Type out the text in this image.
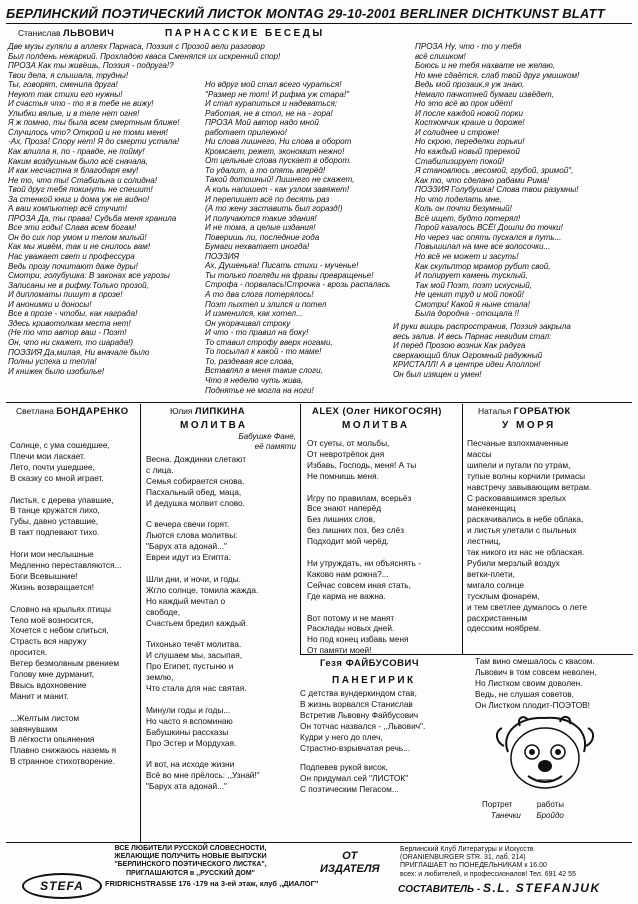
БЕРЛИНСКИЙ ПОЭТИЧЕСКИЙ ЛИСТОК MONTAG 29-10-2001 BERLINER DICHTKUNST BLATT
Станислав ЛЬВОВИЧ	ПАРНАССКИЕ БЕСЕДЫ
Две музы гуляли в аллеях Парнаса, Поэзия с Прозой вели разговор
Был полдень нежаркий. Прохладою кваса Сменялся их искренний спор!
ПРОЗА Как ты живёшь, Поэзия - подруга!?
Твои дела, я слышала, трудны!
Ты, говорят, сменила друга!
Неуют так стихи его нужны!
И счастья что - то я в тебе не вижу!
Улыбки вялые, и в теле нет огня!
Я ж помню, ты была всем смертным ближе!
Случилось что? Открой и не томи меня!
-Ах, Проза! Спору нет! Я до смерти устала!
Как влилла я, по - правде, не пойму!
Каким воздушным было всё сначала,
И как несчастна я благодаря ему!
Не то, что ты! Стабильна и солидна!
Твой друг тебя покинуть не спешит!
За стенкой книг и дома уж не видно!
А ваш компьютер всё стучит!
ПРОЗА Да, ты права! Судьба меня хранила
Все эти годы! Слава всем богам!
Он до сих пор умом и телом милый!
Как мы живём, так и не снилось вам!
Нас уважает свет и профессура
Ведь прозу почитают даже дуры!
Смотри, голубушка: В законах все угрозы
Записаны не в рифму.Только прозой,
И дипломаты пишут в прозе!
И анонимки и доносы!
Все в прозе - чтобы, как награда!
Здесь кривотолкам места нет!
(Не то что автор ваш - Поэт!
Он, что ни скажет, то шарада!)
ПОЭЗИЯ Да,милая, Ни вначале было
Полны успеха и тепла!
И книжек было изобилье!
Но вдруг мой стал всего чураться!
"Размер не тот! И рифма уж стара!"
И стал курапиться и надеваться;
Работая, не в стол, не на - гора!
ПРОЗА Мой автор надо мной
работает прилежно!
Ни слова лишнего, Ни слова в оборот
Кромсает, режет, экономит нежно!
От цельные слова пускает в оборот.
То удалит, а то опять вперёд!
Такой дотошный! Лишнего не скажет,
А коль напишет - как узлом завяжет!
И перепишет всё по десять раз
(А то жену заставить был горазд!)
И получаются такие здания!
И не тома, а целые издания!
Поверишь ли, последние года
Бумаги нехватает иногда!
ПОЭЗИЯ
Ах, Душенька! Писать стихи - мученье!
Ты только погляди на фразы превращенье!
Строфа - порвалась!Строчка - врозь распалась
А то два слога потерялось!
Поэт пыхтел и злился и потел
И изменился, как хотел...
Он укорачивал строку
И что - то правил на боку!
То ставил строфу вверх ногами,
То посылал к какой - то маме!
То, раздевая все слова,
Вставлял в меня такие слоги,
Что я неделю чуть жива,
Поднятье не могла на ноги!
ПРОЗА Ну, что - то у тебя
всё слишком!
Боюсь и не тебя нахвате не желаю,
Но мне сдаётся, слаб твой друг умишком!
Ведь мой прозаик,я уж знаю,
Немало пачкотней бумаги извёдет,
Но это всё во прок идёт!
И после каждой новой порки
Костюмчик краше и дороже!
И солиднее и строже!
Но скрою, переделки горьки!
Но каждый новый пререкой
Стабилизирует покой!
Я становлюсь ,весомой, грубой, зримой",
Как то, что сделано рабами Рима!
ПОЭЗИЯ Голубушка! Слова твои разумны!
Но что поделать мне,
Коль он почти безумный!
Всё ищет, будто потерял!
Порой казалось ВСЁ! Дошли до точки!
Но через час опять пускался в путь...
Повышилал на мне все волосочки...
Но всё не может и засуть!
Как скульптор мрамор рубит свой,
И полирует камень тусклый,
Так мой Поэт, поэт искусный,
Не ценит труд и мой покой!
Смотри! Какой я ныне стала!
Была дородна - отощала !!
И руки вширь распространив, Поэзия закрыла
весь залив. И весь Парнас невидим стал:
И перед Прозою возник Как радуга
сверкающий блик Огромный радужный
КРИСТАЛЛ! А в центре идеи Аполлон!
Он был изящен и умен!
Светлана БОНДАРЕНКО
Солнце, с ума сошедшее,
Плечи мои ласкает.
Лето, почти ушедшее,
В сказку со мной играет.

Листья, с дерева упавшие,
В танце кружатся лихо,
Губы, давно уставшие,
В такт подпевают тихо.

Ноги мои неслышные
Медленно переставляются...
Боги Всевышние!
Жизнь возвращается!

Словно на крыльях птицы
Тело моё возносится,
Хочется с небом слиться,
Страсть вся наружу
просится.
Ветер безмолвным рвением
Голову мне дурманит,
Ввысь вдохновение
Манит и манит.

...Желтым листом
завянувшим
В лёгкости опьянения
Плавно снижаюсь наземь я
В странное стихотворение.
Юлия ЛИПКИНА
МОЛИТВА
Бабушке Фане,
её памяти
Весна. Дождинки слетают
с лица.
Семья собирается снова.
Пасхальный обед, маца,
И дедушка молвит слово.

С вечера свечи горят.
Льются слова молитвы:
"Барух ата адонай..."
Евреи идут из Египта.

Шли дни, и ночи, и годы.
Жгло солнце, томила жажда.
Но каждый мечтал о
свободе,
Счастьем бредил каждый.

Тихонько течёт молитва.
И слушаем мы, засыпая,
Про Египет, пустыню и
землю,
Что стала для нас святая.

Минули годы и годы...
Но часто я вспоминаю
Бабушкины рассказы
Про Эстер и Мордухая.

И вот, на исходе жизни
Всё во мне прёлось: ,,Узнай!"
"Барух ата адонай..."
ALEX (Олег НИКОГОСЯН)
МОЛИТВА
От суеты, от мольбы,
От невротрёпок дня
Избавь, Господь, меня! А ты
Не помнишь меня.

Игру по правилам, всерьёз
Все знают наперёд
Без лишних слов,
без лишних поз, без слёз
Подходит мой черёд.

Ни утруждать, ни объяснять -
Каково нам рожна?...
Сейчас совсем иная стать,
Где карма не важна.

Вот потому и не манят
Расклады новых дней.
Но под конец избавь меня
От памяти моей!
Наталья ГОРБАТЮК
У МОРЯ
Песчаные взлохмаченные
массы
шипели и пугали по утрам,
тупые волны корчили гримасы
навстречу завывающим ветрам.
С расковавшимся зрелых
манекенщиц
раскачивались в небе облака,
и листья улетали с пыльных
лестниц,
так никого из нас не облаская.
Рубили мерзлый воздух
ветки-плети,
мигало солнце
тусклым фонарем,
и тем светлее думалось о лете
расхристанным
одесским ноябрем.
Гезя ФАЙБУСОВИЧ
ПАНЕГИРИК
С детства вундеркиндом став,
В жизнь ворвался Станислав
Встретив Львовну Файбусович
Он тотчас назвался - ,,Львович".
Кудри у него до плеч,
Страстно-взрывчатая речь...
Подпевев рукой висок,
Он придумал сей "ЛИСТОК"
С поэтическим Пегасом...
Там вино смешалось с квасом.
Львович в том совсем неволен,
Но Листком своим доволен.
Ведь, не слушая советов,
Он Листком плодит-ПОЭТОВ!
Портрет	работы
Танечки Бройдо
ВСЕ ЛЮБИТЕЛИ РУССКОЙ СЛОВЕСНОСТИ,
ЖЕЛАЮЩИЕ ПОЛУЧИТЬ НОВЫЕ ВЫПУСКИ
"БЕРЛИНСКОГО ПОЭТИЧЕСКОГО ЛИСТКА",
ПРИГЛАШАЮТСЯ в ,,РУССКИЙ ДОМ"
STEFA	FRIDRICHSTRASSE 176 -179 на 3-ей этаж, клуб ,,ДИАЛОГ"
ОТ
ИЗДАТЕЛЯ
Берлинский Клуб Литературы и Искусств
(ORANIENBURGER STR. 31, лаб. 214)
ПРИГЛАШАЕТ по ПОНЕДЕЛЬНИКАМ к 16.00
всех: и любителей, и профессионалов! Тел. 691 42 55
СОСТАВИТЕЛЬ - S.L. STEFANJUK
